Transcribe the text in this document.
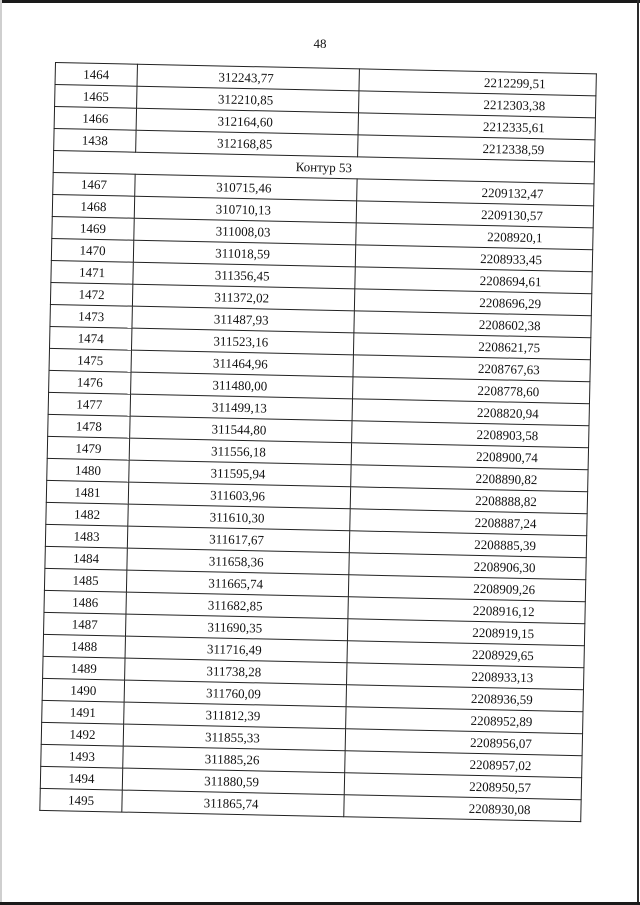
48
1464	312243,77	2212299,51
1465	312210,85	2212303,38
1466	312164,60	2212335,61
1438	312168,85	2212338,59
Контур 53		
1467	310715,46	2209132,47
1468	310710,13	2209130,57
1469	311008,03	2208920,1
1470	311018,59	2208933,45
1471	311356,45	2208694,61
1472	311372,02	2208696,29
1473	311487,93	2208602,38
1474	311523,16	2208621,75
1475	311464,96	2208767,63
1476	311480,00	2208778,60
1477	311499,13	2208820,94
1478	311544,80	2208903,58
1479	311556,18	2208900,74
1480	311595,94	2208890,82
1481	311603,96	2208888,82
1482	311610,30	2208887,24
1483	311617,67	2208885,39
1484	311658,36	2208906,30
1485	311665,74	2208909,26
1486	311682,85	2208916,12
1487	311690,35	2208919,15
1488	311716,49	2208929,65
1489	311738,28	2208933,13
1490	311760,09	2208936,59
1491	311812,39	2208952,89
1492	311855,33	2208956,07
1493	311885,26	2208957,02
1494	311880,59	2208950,57
1495	311865,74	2208930,08
